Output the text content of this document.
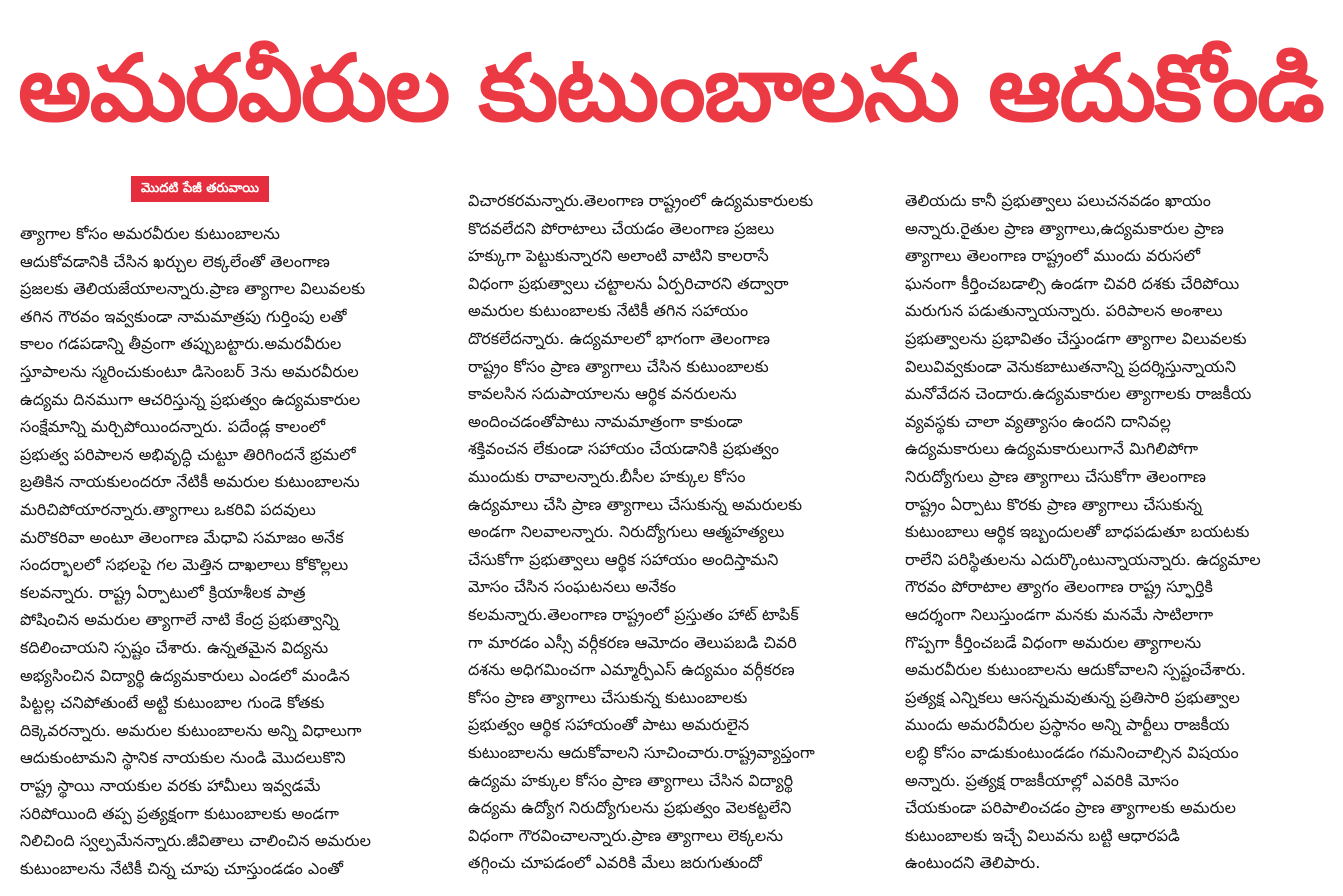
అమరవీరుల కుటుంబాలను ఆదుకోండి
మొదటి పేజీ తరువాయి
త్యాగాల కోసం అమరవీరుల కుటుంబాలను
ఆదుకోవడానికి చేసిన ఖర్చుల లెక్కలేంతో తెలంగాణ
ప్రజలకు తెలియజేయాలన్నారు.ప్రాణ త్యాగాల విలువలకు
తగిన గౌరవం ఇవ్వకుండా నామమాత్రపు గుర్తింపు లతో
కాలం గడపడాన్ని తీవ్రంగా తప్పుబట్టారు.అమరవీరుల
స్తూపాలను స్మరించుకుంటూ డిసెంబర్ 3ను అమరవీరుల
ఉద్యమ దినముగా ఆచరిస్తున్న ప్రభుత్వం ఉద్యమకారుల
సంక్షేమాన్ని మర్చిపోయిందన్నారు. పదేండ్ల కాలంలో
ప్రభుత్వ పరిపాలన అభివృద్ధి చుట్టూ తిరిగిందనే భ్రమలో
బ్రతికిన నాయకులందరూ నేటికీ అమరుల కుటుంబాలను
మరిచిపోయారన్నారు.త్యాగాలు ఒకరివి పదవులు
మరొకరివా అంటూ తెలంగాణ మేధావి సమాజం అనేక
సందర్భాలలో సభలపై గల మెత్తిన దాఖలాలు కోకొల్లలు
కలవన్నారు. రాష్ట్ర ఏర్పాటులో క్రియాశీలక పాత్ర
పోషించిన అమరుల త్యాగాలే నాటి కేంద్ర ప్రభుత్వాన్ని
కదిలించాయని స్పష్టం చేశారు. ఉన్నతమైన విద్యను
అభ్యసించిన విద్యార్థి ఉద్యమకారులు ఎండలో మండిన
పిట్టల్ల చనిపోతుంటే అట్టి కుటుంబాల గుండె కోతకు
దిక్కెవరన్నారు. అమరుల కుటుంబాలను అన్ని విధాలుగా
ఆదుకుంటామని స్థానిక నాయకుల నుండి మొదలుకొని
రాష్ట్ర స్థాయి నాయకుల వరకు హామీలు ఇవ్వడమే
సరిపోయింది తప్ప ప్రత్యక్షంగా కుటుంబాలకు అండగా
నిలిచింది స్వల్పమేనన్నారు.జీవితాలు చాలించిన అమరుల
కుటుంబాలను నేటికీ చిన్న చూపు చూస్తుండడం ఎంతో
విచారకరమన్నారు.తెలంగాణ రాష్ట్రంలో ఉద్యమకారులకు
కొదవలేదని పోరాటాలు చేయడం తెలంగాణ ప్రజలు
హక్కుగా పెట్టుకున్నారని అలాంటి వాటిని కాలరాసే
విధంగా ప్రభుత్వాలు చట్టాలను ఏర్పరిచారని తద్వారా
అమరుల కుటుంబాలకు నేటికీ తగిన సహాయం
దొరకలేదన్నారు. ఉద్యమాలలో భాగంగా తెలంగాణ
రాష్ట్రం కోసం ప్రాణ త్యాగాలు చేసిన కుటుంబాలకు
కావలసిన సదుపాయాలను ఆర్థిక వనరులను
అందించడంతోపాటు నామమాత్రంగా కాకుండా
శక్తివంచన లేకుండా సహాయం చేయడానికి ప్రభుత్వం
ముందుకు రావాలన్నారు.బీసీల హక్కుల కోసం
ఉద్యమాలు చేసి ప్రాణ త్యాగాలు చేసుకున్న అమరులకు
అండగా నిలవాలన్నారు. నిరుద్యోగులు ఆత్మహత్యలు
చేసుకోగా ప్రభుత్వాలు ఆర్థిక సహాయం అందిస్తామని
మోసం చేసిన సంఘటనలు అనేకం
కలమన్నారు.తెలంగాణ రాష్ట్రంలో ప్రస్తుతం హాట్ టాపిక్
గా మారడం ఎస్సీ వర్గీకరణ ఆమోదం తెలుపబడి చివరి
దశను అధిగమించగా ఎమ్మార్పీఎస్ ఉద్యమం వర్గీకరణ
కోసం ప్రాణ త్యాగాలు చేసుకున్న కుటుంబాలకు
ప్రభుత్వం ఆర్థిక సహాయంతో పాటు అమరులైన
కుటుంబాలను ఆదుకోవాలని సూచించారు.రాష్ట్రవ్యాప్తంగా
ఉద్యమ హక్కుల కోసం ప్రాణ త్యాగాలు చేసిన విద్యార్థి
ఉద్యమ ఉద్యోగ నిరుద్యోగులను ప్రభుత్వం వెలకట్టలేని
విధంగా గౌరవించాలన్నారు.ప్రాణ త్యాగాలు లెక్కలను
తగ్గించు చూపడంలో ఎవరికి మేలు జరుగుతుందో
తెలియదు కానీ ప్రభుత్వాలు పలుచనవడం ఖాయం
అన్నారు.రైతుల ప్రాణ త్యాగాలు,ఉద్యమకారుల ప్రాణ
త్యాగాలు తెలంగాణ రాష్ట్రంలో ముందు వరుసలో
ఘనంగా కీర్తించబడాల్సి ఉండగా చివరి దశకు చేరిపోయి
మరుగున పడుతున్నాయన్నారు. పరిపాలన అంశాలు
ప్రభుత్వాలను ప్రభావితం చేస్తుండగా త్యాగాల విలువలకు
విలువివ్వకుండా వెనుకబాటుతనాన్ని ప్రదర్శిస్తున్నాయని
మనోవేదన చెందారు.ఉద్యమకారుల త్యాగాలకు రాజకీయ
వ్యవస్థకు చాలా వ్యత్యాసం ఉందని దానివల్ల
ఉద్యమకారులు ఉద్యమకారులుగానే మిగిలిపోగా
నిరుద్యోగులు ప్రాణ త్యాగాలు చేసుకోగా తెలంగాణ
రాష్ట్రం ఏర్పాటు కొరకు ప్రాణ త్యాగాలు చేసుకున్న
కుటుంబాలు ఆర్థిక ఇబ్బందులతో బాధపడుతూ బయటకు
రాలేని పరిస్థితులను ఎదుర్కొంటున్నాయన్నారు. ఉద్యమాల
గౌరవం పోరాటాల త్యాగం తెలంగాణ రాష్ట్ర స్ఫూర్తికి
ఆదర్శంగా నిలుస్తుండగా మనకు మనమే సాటిలాగా
గొప్పగా కీర్తించబడే విధంగా అమరుల త్యాగాలను
అమరవీరుల కుటుంబాలను ఆదుకోవాలని స్పష్టంచేశారు.
ప్రత్యక్ష ఎన్నికలు ఆసన్నమవుతున్న ప్రతిసారి ప్రభుత్వాల
ముందు అమరవీరుల ప్రస్థానం అన్ని పార్టీలు రాజకీయ
లబ్ధి కోసం వాడుకుంటుండడం గమనించాల్సిన విషయం
అన్నారు. ప్రత్యక్ష రాజకీయాల్లో ఎవరికి మోసం
చేయకుండా పరిపాలించడం ప్రాణ త్యాగాలకు అమరుల
కుటుంబాలకు ఇచ్చే విలువను బట్టి ఆధారపడి
ఉంటుందని తెలిపారు.
